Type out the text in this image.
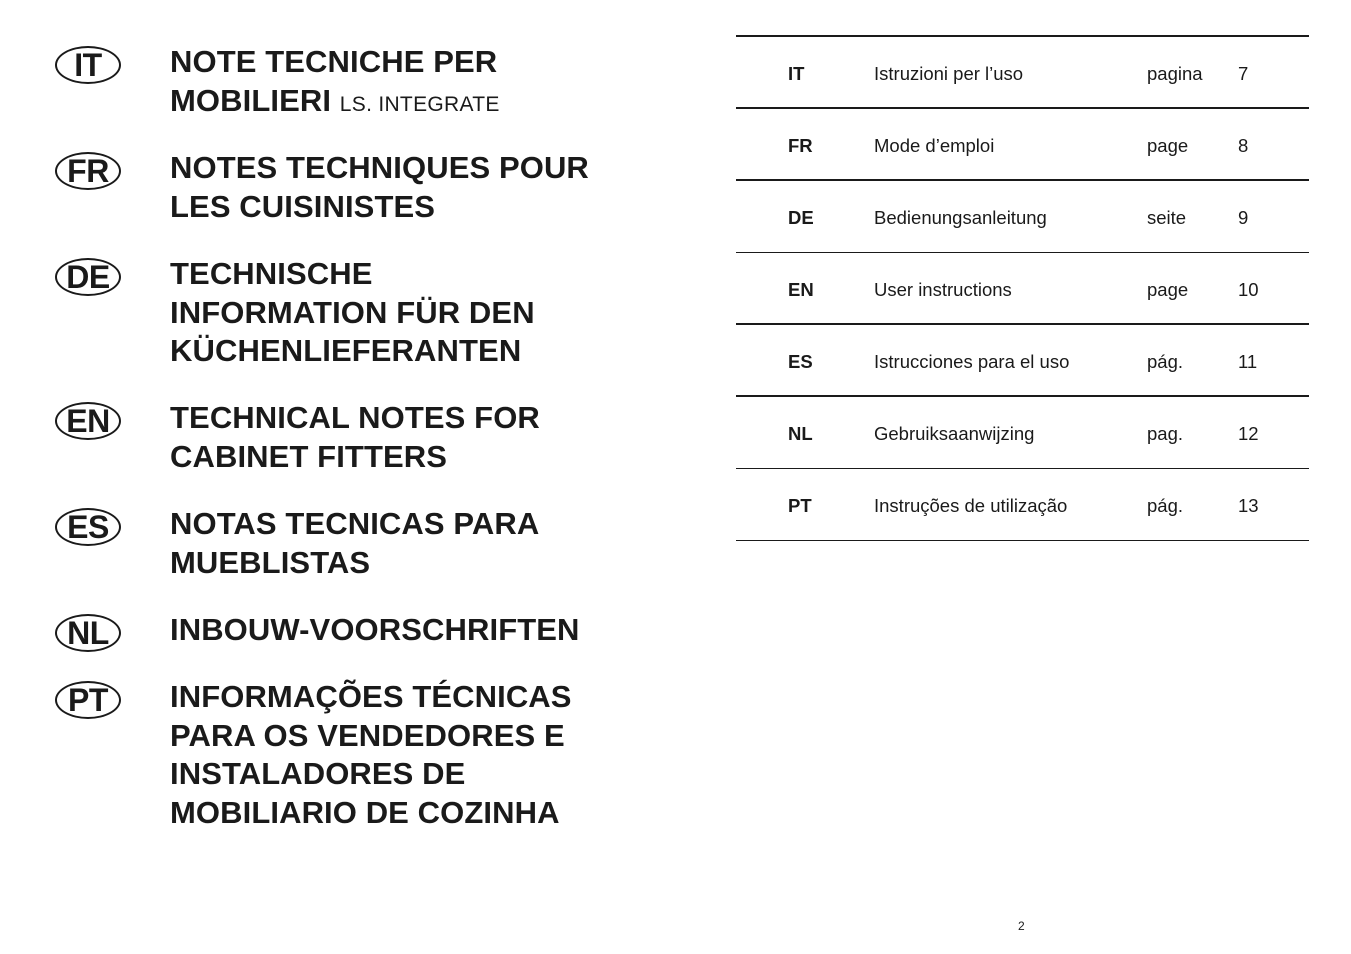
IT	NOTE TECNICHE PER
MOBILIERI LS. INTEGRATE
FR	NOTES TECHNIQUES POUR
LES CUISINISTES
DE	TECHNISCHE
INFORMATION FÜR DEN
KÜCHENLIEFERANTEN
EN	TECHNICAL NOTES FOR
CABINET FITTERS
ES	NOTAS TECNICAS PARA
MUEBLISTAS
NL	INBOUW-VOORSCHRIFTEN
PT	INFORMAÇÕES TÉCNICAS
PARA OS VENDEDORES E
INSTALADORES DE
MOBILIARIO DE COZINHA
IT	Istruzioni per l’uso	pagina 7
FR	Mode d’emploi	page	8
DE	Bedienungsanleitung	seite	9
EN	User instructions	page	10
ES	Istrucciones para el uso	pág.	11
NL	Gebruiksaanwijzing	pag.	12
PT	Instruções de utilização	pág.	13
2
